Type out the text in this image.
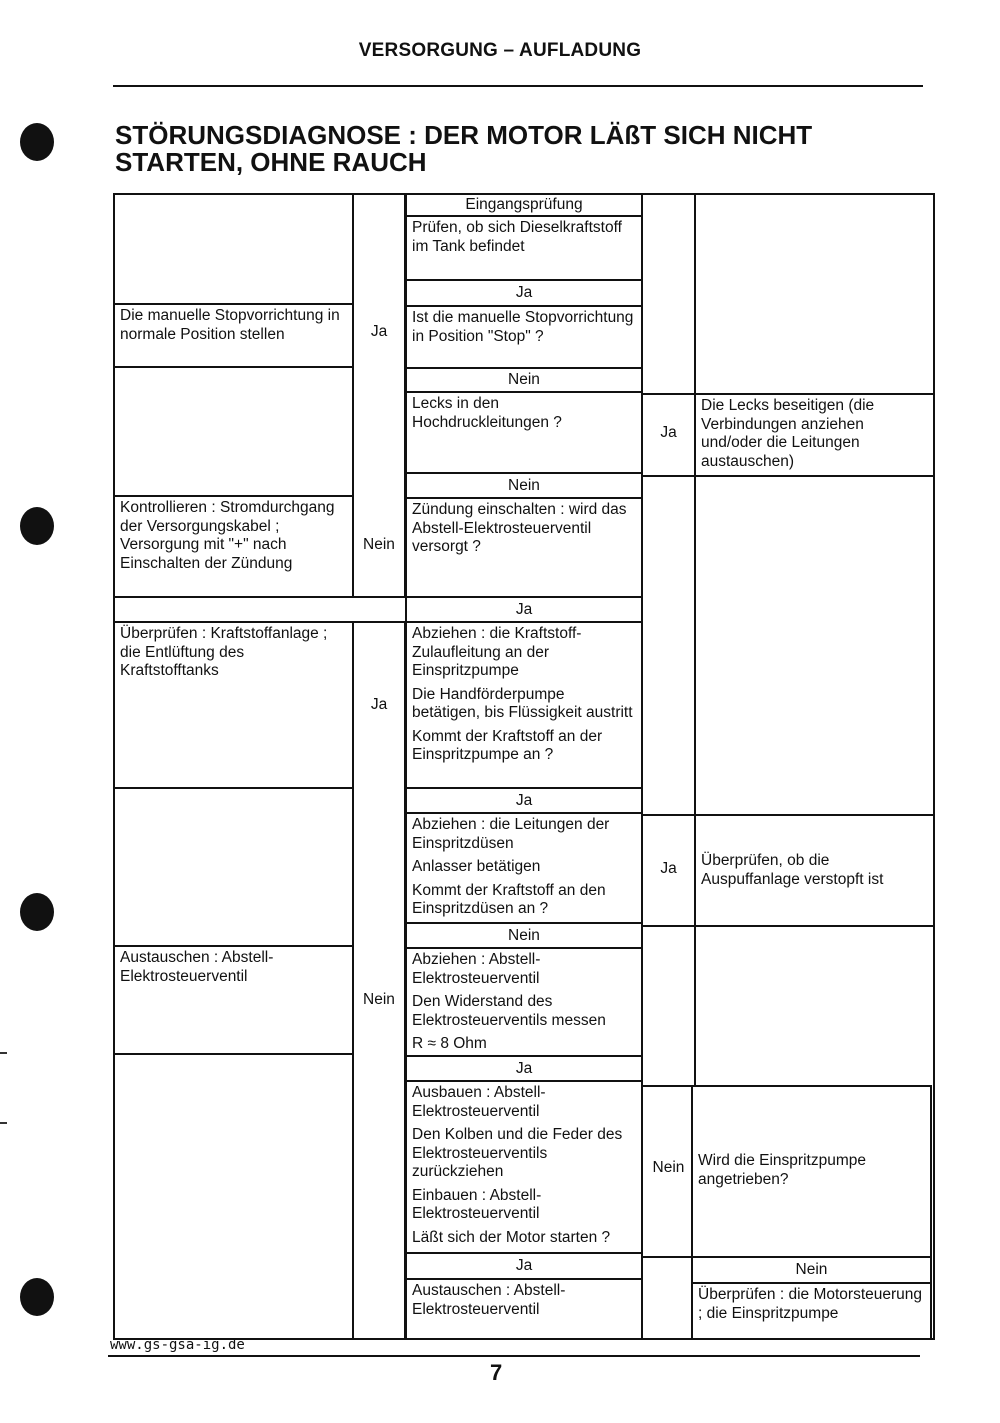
VERSORGUNG – AUFLADUNG
STÖRUNGSDIAGNOSE : DER MOTOR LÄßT SICH NICHT
STARTEN, OHNE RAUCH
Eingangsprüfung
Prüfen, ob sich Dieselkraftstoff im Tank befindet
Ja
Ist die manuelle Stopvorrichtung in Position "Stop" ?
Nein
Lecks in den Hochdruckleitungen ?
Nein
Zündung einschalten : wird das Abstell-Elektrosteuerventil versorgt ?
Ja
Abziehen : die Kraftstoff-Zulaufleitung an der Einspritzpumpe
Die Handförderpumpe betätigen, bis Flüssigkeit austritt
Kommt der Kraftstoff an der Einspritzpumpe an ?
Ja
Abziehen : die Leitungen der Einspritzdüsen
Anlasser betätigen
Kommt der Kraftstoff an den Einspritzdüsen an ?
Nein
Abziehen : Abstell-Elektrosteuerventil
Den Widerstand des Elektrosteuerventils messen
R ≈ 8 Ohm
Ja
Ausbauen : Abstell-Elektrosteuerventil
Den Kolben und die Feder des Elektrosteuerventils zurückziehen
Einbauen : Abstell-Elektrosteuerventil
Läßt sich der Motor starten ?
Ja
Austauschen : Abstell-Elektrosteuerventil
Die manuelle Stopvorrichtung in normale Position stellen
Kontrollieren : Stromdurchgang der Versorgungskabel ; Versorgung mit "+" nach Einschalten der Zündung
Überprüfen : Kraftstoffanlage ; die Entlüftung des Kraftstofftanks
Austauschen : Abstell-Elektrosteuerventil
Ja
Nein
Ja
Nein
Ja
Ja
Nein
Die Lecks beseitigen (die Verbindungen anziehen und/oder die Leitungen austauschen)
Überprüfen, ob die Auspuffanlage verstopft ist
Wird die Einspritzpumpe angetrieben?
Nein
Überprüfen : die Motorsteuerung ; die Einspritzpumpe
www.gs-gsa-ig.de
7
